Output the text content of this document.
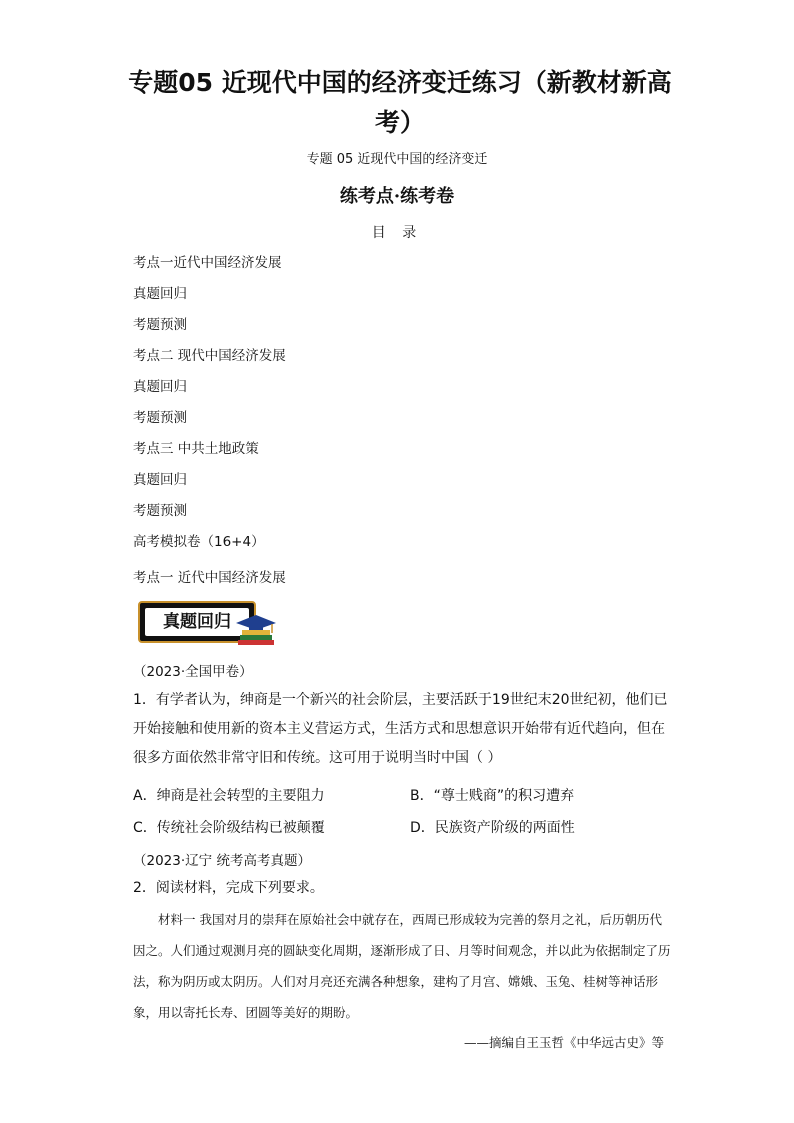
专题05 近现代中国的经济变迁练习（新教材新高
考）
专题 05 近现代中国的经济变迁
练考点·练考卷
目 录
考点一近代中国经济发展
真题回归
考题预测
考点二 现代中国经济发展
真题回归
考题预测
考点三 中共土地政策
真题回归
考题预测
高考模拟卷（16+4）
考点一 近代中国经济发展
真题回归
（2023·全国甲卷）
1．有学者认为，绅商是一个新兴的社会阶层，主要活跃于19世纪末20世纪初，他们已开始接触和使用新的资本主义营运方式，生活方式和思想意识开始带有近代趋向，但在很多方面依然非常守旧和传统。这可用于说明当时中国（ ）
A．绅商是社会转型的主要阻力	B．“尊士贱商”的积习遭弃
C．传统社会阶级结构已被颠覆	D．民族资产阶级的两面性
（2023·辽宁 统考高考真题）
2．阅读材料，完成下列要求。
材料一 我国对月的崇拜在原始社会中就存在，西周已形成较为完善的祭月之礼，后历朝历代因之。人们通过观测月亮的圆缺变化周期，逐渐形成了日、月等时间观念，并以此为依据制定了历法，称为阴历或太阴历。人们对月亮还充满各种想象，建构了月宫、嫦娥、玉兔、桂树等神话形象，用以寄托长寿、团圆等美好的期盼。
——摘编自王玉哲《中华远古史》等
